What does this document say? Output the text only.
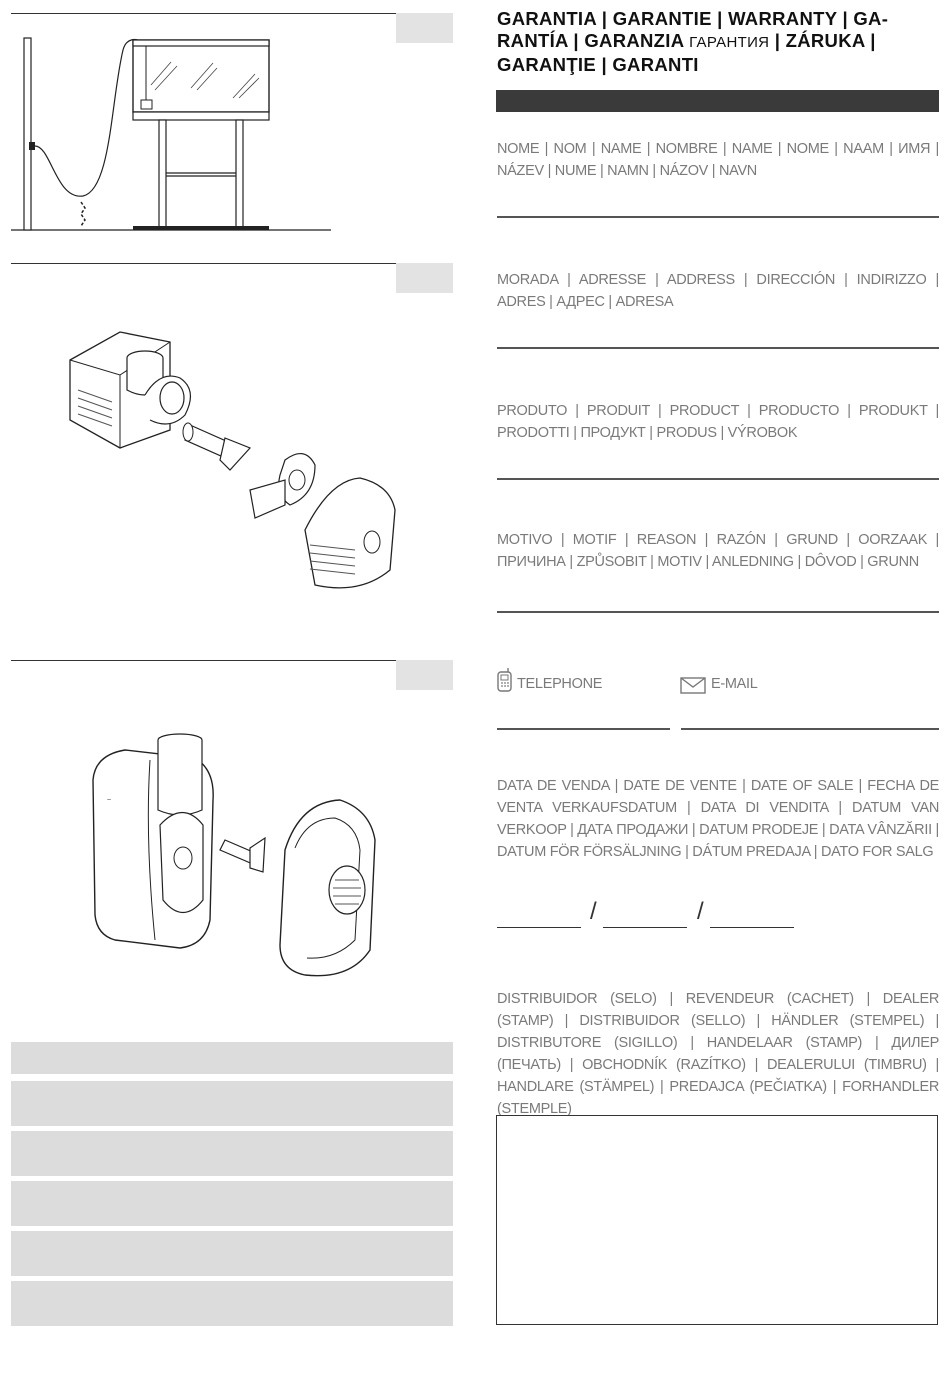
~
GARANTIA | GARANTIE | WARRANTY | GA-
RANTÍA | GARANZIA ГАРАНТИЯ | ZÁRUKA |
GARANŢIE | GARANTI
NOME | NOM | NAME | NOMBRE | NAME | NOME | NAAM | ИМЯ | NÁZEV | NUME | NAMN | NÁZOV | NAVN
MORADA | ADRESSE | ADDRESS | DIRECCIÓN | INDIRIZZO | ADRES | АДРЕС | ADRESA
PRODUTO | PRODUIT | PRODUCT | PRODUCTO | PRODUKT | PRODOTTI | ПРОДУКТ | PRODUS | VÝROBOK
MOTIVO | MOTIF | REASON | RAZÓN | GRUND | OORZAAK | ПРИЧИНА | ZPŮSOBIT | MOTIV | ANLEDNING | DÔVOD | GRUNN
TELEPHONE	E-MAIL
DATA DE VENDA | DATE DE VENTE | DATE OF SALE | FECHA DE VENTA VERKAUFSDATUM | DATA DI VENDITA | DATUM VAN VERKOOP | ДАТА ПРОДАЖИ | DATUM PRODEJE | DATA VÂNZĂRII | DATUM FÖR FÖRSÄLJNING | DÁTUM PREDAJA | DATO FOR SALG
/	/
DISTRIBUIDOR (SELO) | REVENDEUR (CACHET) | DEALER (STAMP) | DISTRIBUIDOR (SELLO) | HÄNDLER (STEMPEL) | DISTRIBUTORE (SIGILLO) | HANDELAAR (STAMP) | ДИЛЕР (ПЕЧАТЬ) | OBCHODNÍK (RAZÍTKO) | DEALERULUI (TIMBRU) | HANDLARE (STÄMPEL) | PREDAJCA (PEČIATKA) | FORHANDLER (STEMPLE)
